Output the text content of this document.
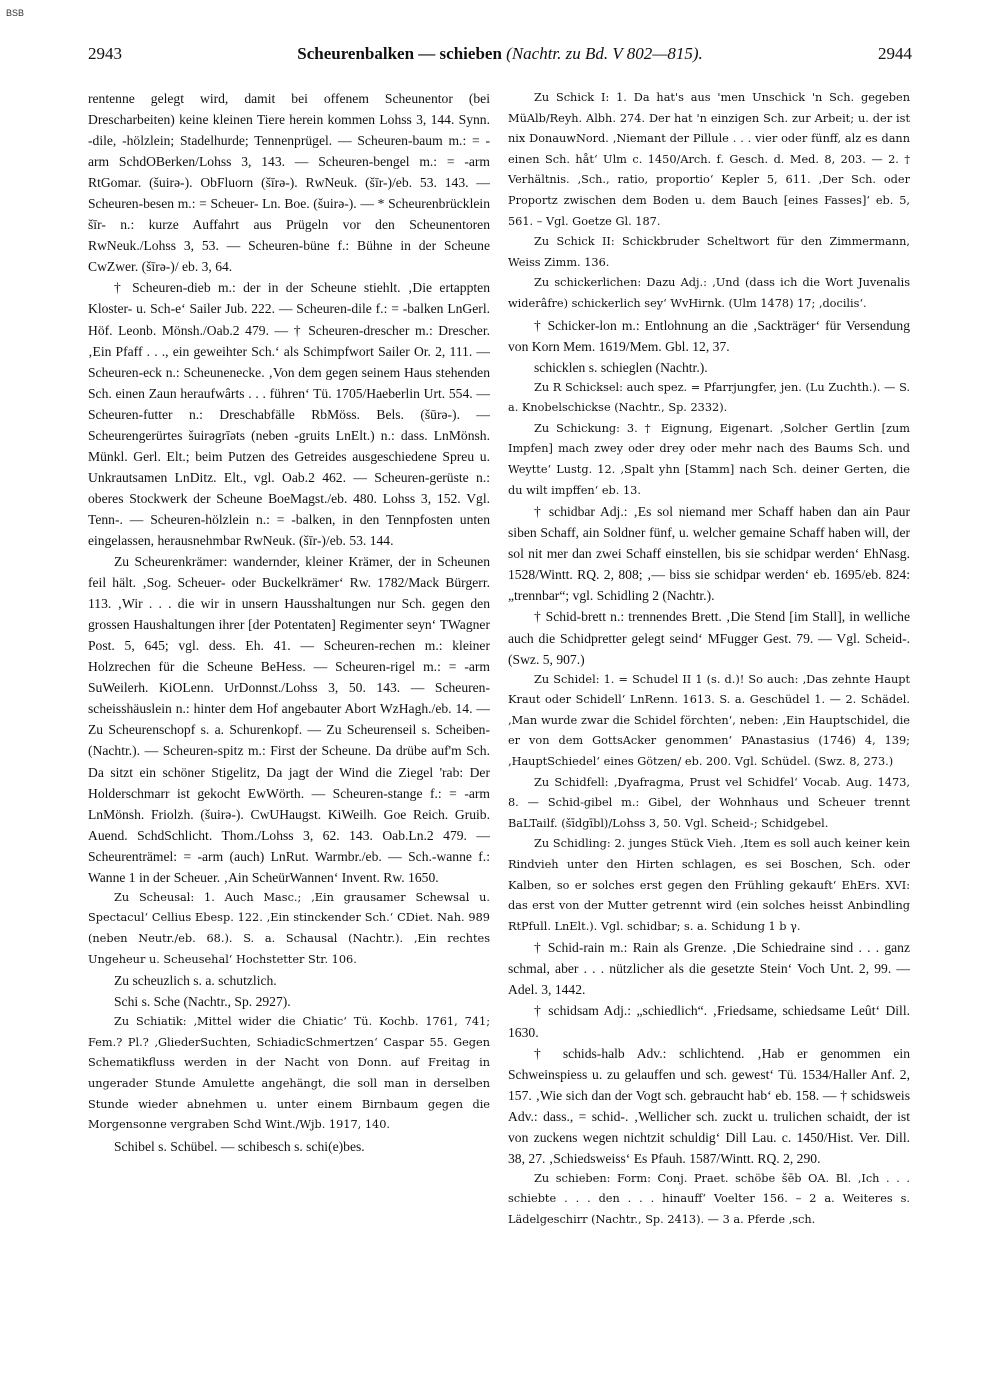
BSB
2943	Scheurenbalken — schieben (Nachtr. zu Bd. V 802—815).	2944

rentenne gelegt wird, damit bei offenem Scheunentor (bei Drescharbeiten) keine kleinen Tiere herein kommen Lohss 3, 144. Synn. -dile, -hölzlein; Stadelhurde; Tennenprügel. — Scheuren-baum m.: = -arm SchdOBerken/Lohss 3, 143. — Scheuren-bengel m.: = -arm RtGomar. (šuirə-). ObFluorn (šīrə-). RwNeuk. (šīr-)/eb. 53. 143. — Scheuren-besen m.: = Scheuer- Ln. Boe. (šuirə-). — * Scheurenbrücklein šīr- n.: kurze Auffahrt aus Prügeln vor den Scheunentoren RwNeuk./Lohss 3, 53. — Scheuren-büne f.: Bühne in der Scheune CwZwer. (šīrə-)/ eb. 3, 64.

† Scheuren-dieb m.: der in der Scheune stiehlt. ‚Die ertappten Kloster- u. Sch-e‘ Sailer Jub. 222. — Scheuren-dile f.: = -balken LnGerl. Höf. Leonb. Mönsh./Oab.2 479. — † Scheuren-drescher m.: Drescher. ‚Ein Pfaff . . ., ein geweihter Sch.‘ als Schimpfwort Sailer Or. 2, 111. — Scheuren-eck n.: Scheunenecke. ‚Von dem gegen seinem Haus stehenden Sch. einen Zaun heraufwârts . . . führen‘ Tü. 1705/Haeberlin Urt. 554. — Scheuren-futter n.: Dreschabfälle RbMöss. Bels. (šūrə-). — Scheurengerürtes šuirəgrīəts (neben -gruits LnElt.) n.: dass. LnMönsh. Münkl. Gerl. Elt.; beim Putzen des Getreides ausgeschiedene Spreu u. Unkrautsamen LnDitz. Elt., vgl. Oab.2 462. — Scheuren-gerüste n.: oberes Stockwerk der Scheune BoeMagst./eb. 480. Lohss 3, 152. Vgl. Tenn-. — Scheuren-hölzlein n.: = -balken, in den Tennpfosten unten eingelassen, herausnehmbar RwNeuk. (šīr-)/eb. 53. 144.

Zu Scheurenkrämer: wandernder, kleiner Krämer, der in Scheunen feil hält. ‚Sog. Scheuer- oder Buckelkrämer‘ Rw. 1782/Mack Bürgerr. 113. ‚Wir . . . die wir in unsern Hausshaltungen nur Sch. gegen den grossen Haushaltungen ihrer [der Potentaten] Regimenter seyn‘ TWagner Post. 5, 645; vgl. dess. Eh. 41. — Scheuren-rechen m.: kleiner Holzrechen für die Scheune BeHess. — Scheuren-rigel m.: = -arm SuWeilerh. KiOLenn. UrDonnst./Lohss 3, 50. 143. — Scheuren-scheisshäuslein n.: hinter dem Hof angebauter Abort WzHagh./eb. 14. — Zu Scheurenschopf s. a. Schurenkopf. — Zu Scheurenseil s. Scheiben- (Nachtr.). — Scheuren-spitz m.: First der Scheune. Da drübe auf'm Sch. Da sitzt ein schöner Stigelitz, Da jagt der Wind die Ziegel 'rab: Der Holderschmarr ist gekocht EwWörth. — Scheuren-stange f.: = -arm LnMönsh. Friolzh. (šuirə-). CwUHaugst. KiWeilh. Goe Reich. Gruib. Auend. SchdSchlicht. Thom./Lohss 3, 62. 143. Oab.Ln.2 479. — Scheurenträmel: = -arm (auch) LnRut. Warmbr./eb. — Sch.-wanne f.: Wanne 1 in der Scheuer. ‚Ain ScheürWannen‘ Invent. Rw. 1650.

Zu Scheusal: 1. Auch Masc.; ‚Ein grausamer Schewsal u. Spectacul‘ Cellius Ebesp. 122. ‚Ein stinckender Sch.‘ CDiet. Nah. 989 (neben Neutr./eb. 68.). S. a. Schausal (Nachtr.). ‚Ein rechtes Ungeheur u. Scheusehal‘ Hochstetter Str. 106.

Zu scheuzlich s. a. schutzlich.

Schi s. Sche (Nachtr., Sp. 2927).

Zu Schiatik: ‚Mittel wider die Chiatic‘ Tü. Kochb. 1761, 741; Fem.? Pl.? ‚GliederSuchten, SchiadicSchmertzen‘ Caspar 55. Gegen Schematikfluss werden in der Nacht von Donn. auf Freitag in ungerader Stunde Amulette angehängt, die soll man in derselben Stunde wieder abnehmen u. unter einem Birnbaum gegen die Morgensonne vergraben Schd Wint./Wjb. 1917, 140.

Schibel s. Schübel. — schibesch s. schi(e)bes.

Zu Schick I: 1. Da hat's aus 'men Unschick 'n Sch. gegeben MüAlb/Reyh. Albh. 274. Der hat 'n einzigen Sch. zur Arbeit; u. der ist nix DonauwNord. ‚Niemant der Pillule . . . vier oder fünff, alz es dann einen Sch. håt‘ Ulm c. 1450/Arch. f. Gesch. d. Med. 8, 203. — 2. † Verhältnis. ‚Sch., ratio, proportio‘ Kepler 5, 611. ‚Der Sch. oder Proportz zwischen dem Boden u. dem Bauch [eines Fasses]‘ eb. 5, 561. – Vgl. Goetze Gl. 187.

Zu Schick II: Schickbruder Scheltwort für den Zimmermann, Weiss Zimm. 136.

Zu schickerlichen: Dazu Adj.: ‚Und (dass ich die Wort Juvenalis widerâfre) schickerlich sey‘ WvHirnk. (Ulm 1478) 17; ‚docilis‘.

† Schicker-lon m.: Entlohnung an die ‚Sackträger‘ für Versendung von Korn Mem. 1619/Mem. Gbl. 12, 37.

schicklen s. schieglen (Nachtr.).

Zu R Schicksel: auch spez. = Pfarrjungfer, jen. (Lu Zuchth.). — S. a. Knobelschickse (Nachtr., Sp. 2332).

Zu Schickung: 3. † Eignung, Eigenart. ‚Solcher Gertlin [zum Impfen] mach zwey oder drey oder mehr nach des Baums Sch. und Weytte‘ Lustg. 12. ‚Spalt yhn [Stamm] nach Sch. deiner Gerten, die du wilt impffen‘ eb. 13.

† schidbar Adj.: ‚Es sol niemand mer Schaff haben dan ain Paur siben Schaff, ain Soldner fünf, u. welcher gemaine Schaff haben will, der sol nit mer dan zwei Schaff einstellen, bis sie schidpar werden‘ EhNasg. 1528/Wintt. RQ. 2, 808; ‚— biss sie schidpar werden‘ eb. 1695/eb. 824: „trennbar“; vgl. Schidling 2 (Nachtr.).

† Schid-brett n.: trennendes Brett. ‚Die Stend [im Stall], in welliche auch die Schidpretter gelegt seind‘ MFugger Gest. 79. — Vgl. Scheid-. (Swz. 5, 907.)

Zu Schidel: 1. = Schudel II 1 (s. d.)! So auch: ‚Das zehnte Haupt Kraut oder Schidell‘ LnRenn. 1613. S. a. Geschüdel 1. — 2. Schädel. ‚Man wurde zwar die Schidel förchten‘, neben: ‚Ein Hauptschidel, die er von dem GottsAcker genommen‘ PAnastasius (1746) 4, 139; ‚HauptSchiedel‘ eines Götzen/ eb. 200. Vgl. Schüdel. (Swz. 8, 273.)

Zu Schidfell: ‚Dyafragma, Prust vel Schidfel‘ Vocab. Aug. 1473, 8. — Schid-gibel m.: Gibel, der Wohnhaus und Scheuer trennt BaLTailf. (šīdgībl)/Lohss 3, 50. Vgl. Scheid-; Schidgebel.

Zu Schidling: 2. junges Stück Vieh. ‚Item es soll auch keiner kein Rindvieh unter den Hirten schlagen, es sei Boschen, Sch. oder Kalben, so er solches erst gegen den Frühling gekauft‘ EhErs. XVI: das erst von der Mutter getrennt wird (ein solches heisst Anbindling RtPfull. LnElt.). Vgl. schidbar; s. a. Schidung 1 b γ.

† Schid-rain m.: Rain als Grenze. ‚Die Schiedraine sind . . . ganz schmal, aber . . . nützlicher als die gesetzte Stein‘ Voch Unt. 2, 99. — Adel. 3, 1442.

† schidsam Adj.: „schiedlich“. ‚Friedsame, schiedsame Leût‘ Dill. 1630.

† schids-halb Adv.: schlichtend. ‚Hab er genommen ein Schweinspiess u. zu gelauffen und sch. gewest‘ Tü. 1534/Haller Anf. 2, 157. ‚Wie sich dan der Vogt sch. gebraucht hab‘ eb. 158. — † schidsweis Adv.: dass., = schid-. ‚Wellicher sch. zuckt u. trulichen schaidt, der ist von zuckens wegen nichtzit schuldig‘ Dill Lau. c. 1450/Hist. Ver. Dill. 38, 27. ‚Schiedsweiss‘ Es Pfauh. 1587/Wintt. RQ. 2, 290.

Zu schieben: Form: Conj. Praet. schöbe šēb OA. Bl. ‚Ich . . . schiebte . . . den . . . hinauff‘ Voelter 156. – 2 a. Weiteres s. Lädelgeschirr (Nachtr., Sp. 2413). — 3 a. Pferde ‚sch.
